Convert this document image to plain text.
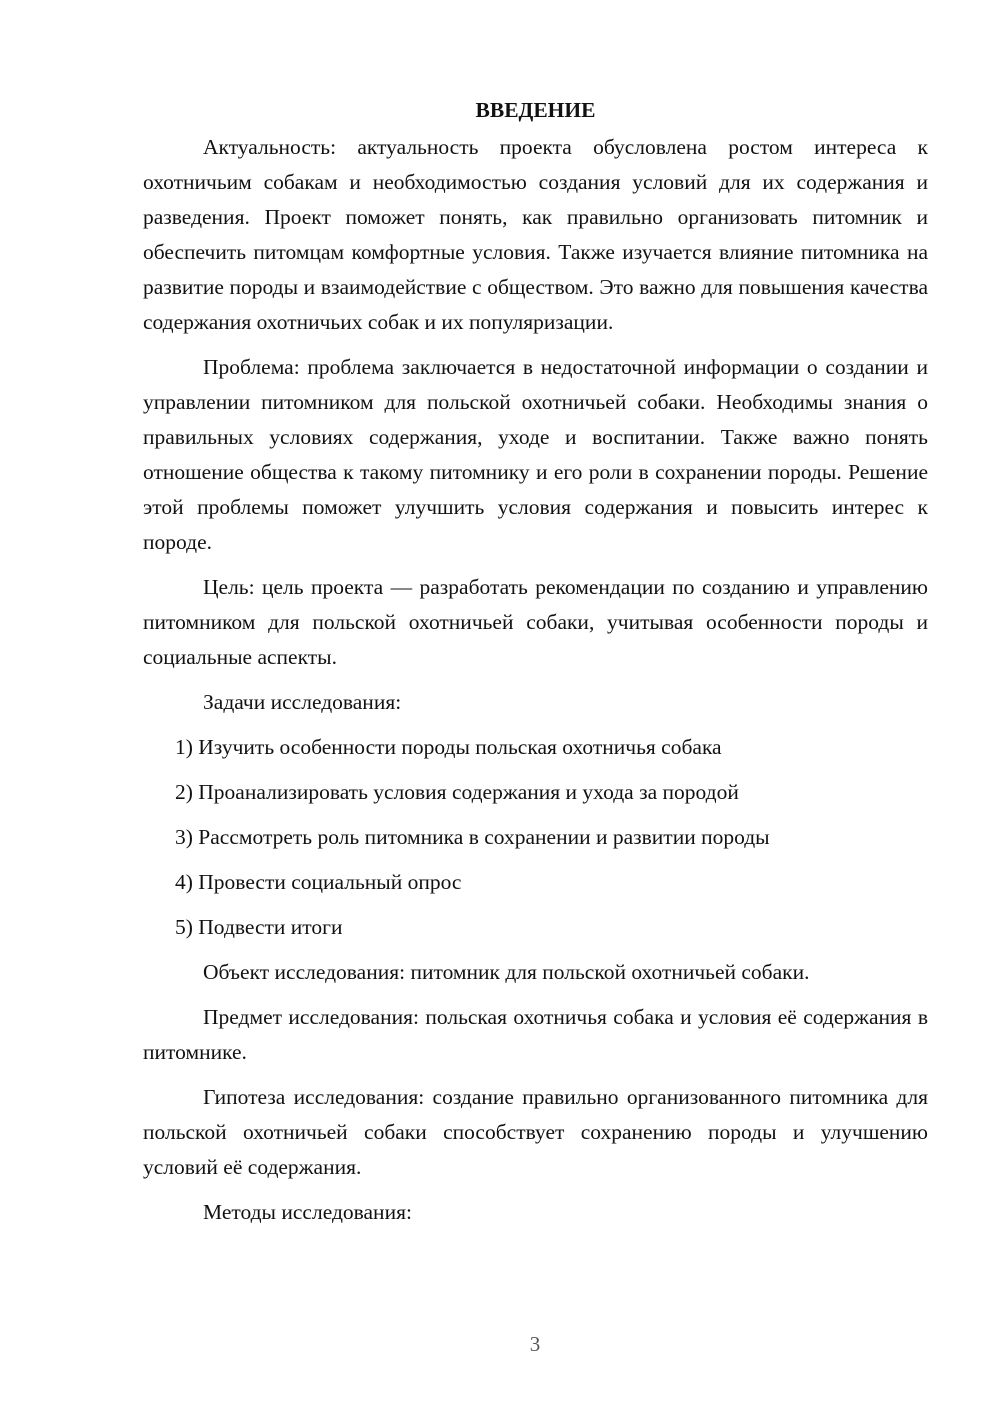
ВВЕДЕНИЕ

Актуальность: актуальность проекта обусловлена ростом интереса к охотничьим собакам и необходимостью создания условий для их содержания и разведения. Проект поможет понять, как правильно организовать питомник и обеспечить питомцам комфортные условия. Также изучается влияние питомника на развитие породы и взаимодействие с обществом. Это важно для повышения качества содержания охотничьих собак и их популяризации.

Проблема: проблема заключается в недостаточной информации о создании и управлении питомником для польской охотничьей собаки. Необходимы знания о правильных условиях содержания, уходе и воспитании. Также важно понять отношение общества к такому питомнику и его роли в сохранении породы. Решение этой проблемы поможет улучшить условия содержания и повысить интерес к породе.

Цель: цель проекта — разработать рекомендации по созданию и управлению питомником для польской охотничьей собаки, учитывая особенности породы и социальные аспекты.

Задачи исследования:

1) Изучить особенности породы польская охотничья собака
2) Проанализировать условия содержания и ухода за породой
3) Рассмотреть роль питомника в сохранении и развитии породы
4) Провести социальный опрос
5) Подвести итоги

Объект исследования: питомник для польской охотничьей собаки.

Предмет исследования: польская охотничья собака и условия её содержания в питомнике.

Гипотеза исследования: создание правильно организованного питомника для польской охотничьей собаки способствует сохранению породы и улучшению условий её содержания.

Методы исследования:

3
